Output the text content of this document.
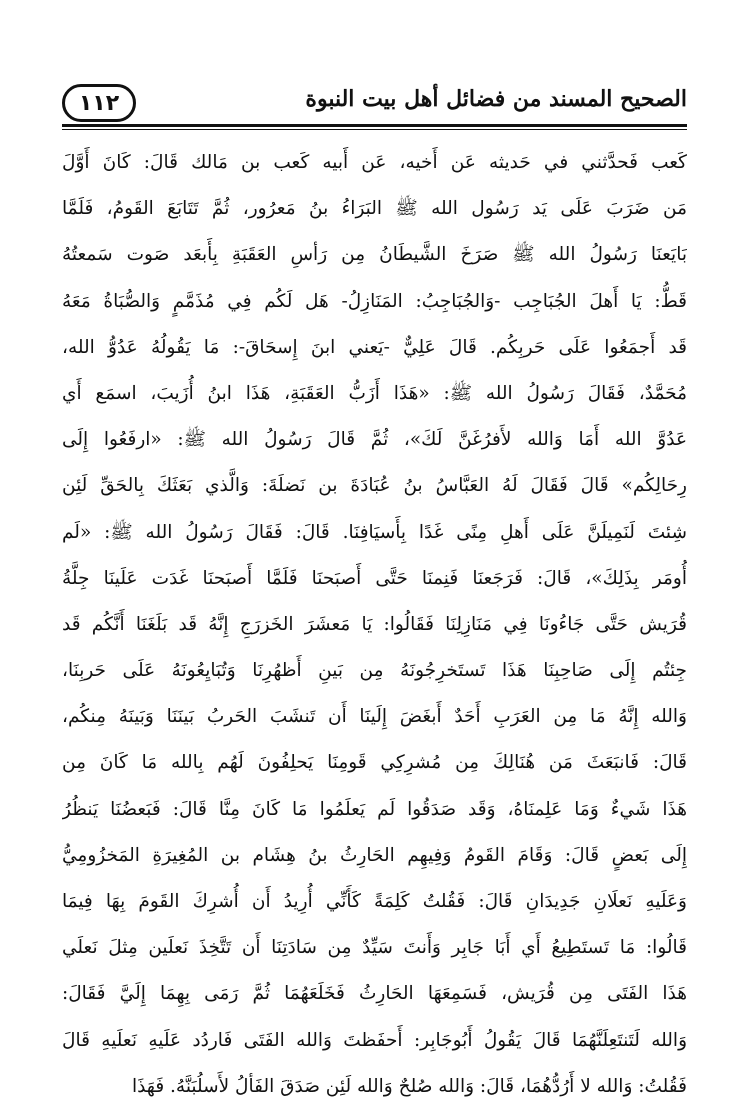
١١٢	الصحيح المسند من فضائل أهل بيت النبوة
كَعب فَحدَّثني في حَديثه عَن أَخيه، عَن أَبيه كَعب بن مَالك قَالَ: كَانَ أَوَّلَ
مَن ضَرَبَ عَلَى يَد رَسُول الله ﷺ البَرَاءُ بنُ مَعرُور، ثُمَّ تَتَابَعَ القَومُ، فَلَمَّا
بَايَعنَا رَسُولُ الله ﷺ صَرَخَ الشَّيطَانُ مِن رَأسِ العَقَبَةِ بِأَبعَد صَوت سَمعتُهُ
قَطُّ: يَا أَهلَ الجُبَاجِب -وَالجُبَاجِبُ: المَنَازِلُ- هَل لَكُم فِي مُذَمَّمٍ وَالصُّبَاةُ مَعَهُ
قَد أَجمَعُوا عَلَى حَربِكُم. قَالَ عَلِيٌّ -يَعني ابنَ إِسحَاقَ-: مَا يَقُولُهُ عَدُوُّ الله،
مُحَمَّدٌ، فَقَالَ رَسُولُ الله ﷺ: «هَذَا أَزَبُّ العَقَبَةِ، هَذَا ابنُ أُزَيبَ، اسمَع أَي
عَدُوَّ الله أَمَا وَالله لأَفرُغَنَّ لَكَ»، ثُمَّ قَالَ رَسُولُ الله ﷺ: «ارفَعُوا إِلَى
رِحَالِكُم» قَالَ فَقَالَ لَهُ العَبَّاسُ بنُ عُبَادَةَ بن نَضلَةَ: وَالَّذي بَعَثَكَ بِالحَقِّ لَئِن
شِئتَ لَنَمِيلَنَّ عَلَى أَهلِ مِنًى غَدًا بِأَسيَافِنَا. قَالَ: فَقَالَ رَسُولُ الله ﷺ: «لَم
أُومَر بِذَلِكَ»، قَالَ: فَرَجَعنَا فَنِمنَا حَتَّى أَصبَحنَا فَلَمَّا أَصبَحنَا غَدَت عَلَينَا جِلَّةُ
قُرَيش حَتَّى جَاءُونَا فِي مَنَازِلِنَا فَقَالُوا: يَا مَعشَرَ الخَزرَجِ إِنَّهُ قَد بَلَغَنَا أَنَّكُم قَد
جِئتُم إِلَى صَاحِبِنَا هَذَا تَستَخرِجُونَهُ مِن بَينِ أَظهُرِنَا وَتُبَايِعُونَهُ عَلَى حَربِنَا،
وَالله إِنَّهُ مَا مِن العَرَبِ أَحَدٌ أَبغَضَ إِلَينَا أَن تَنشَبَ الحَربُ بَينَنَا وَبَينَهُ مِنكُم،
قَالَ: فَانبَعَثَ مَن هُنَالِكَ مِن مُشرِكِي قَومِنَا يَحلِفُونَ لَهُم بِالله مَا كَانَ مِن
هَذَا شَيءٌ وَمَا عَلِمنَاهُ، وَقَد صَدَقُوا لَم يَعلَمُوا مَا كَانَ مِنَّا قَالَ: فَبَعضُنَا يَنظُرُ
إِلَى بَعضٍ قَالَ: وَقَامَ القَومُ وَفِيهِم الحَارِثُ بنُ هِشَام بن المُغِيرَةِ المَخزُومِيُّ
وَعَلَيهِ نَعلَانِ جَدِيدَانِ قَالَ: فَقُلتُ كَلِمَةً كَأَنِّي أُرِيدُ أَن أُشرِكَ القَومَ بِهَا فِيمَا
قَالُوا: مَا تَستَطِيعُ أَي أَبَا جَابِر وَأَنتَ سَيِّدٌ مِن سَادَتِنَا أَن تَتَّخِذَ نَعلَين مِثلَ نَعلَي
هَذَا الفَتَى مِن قُرَيش، فَسَمِعَهَا الحَارِثُ فَخَلَعَهُمَا ثُمَّ رَمَى بِهِمَا إِلَيَّ فَقَالَ:
وَالله لَتَنتَعِلَنَّهُمَا قَالَ يَقُولُ أَبُوجَابِر: أَحفَظتَ وَالله الفَتَى فَاردُد عَلَيهِ نَعلَيهِ قَالَ
فَقُلتُ: وَالله لا أَرُدُّهُمَا، قَالَ: وَالله صُلحٌ وَالله لَئِن صَدَقَ الفَألُ لأَسلُبَنَّهُ. فَهَذَا
